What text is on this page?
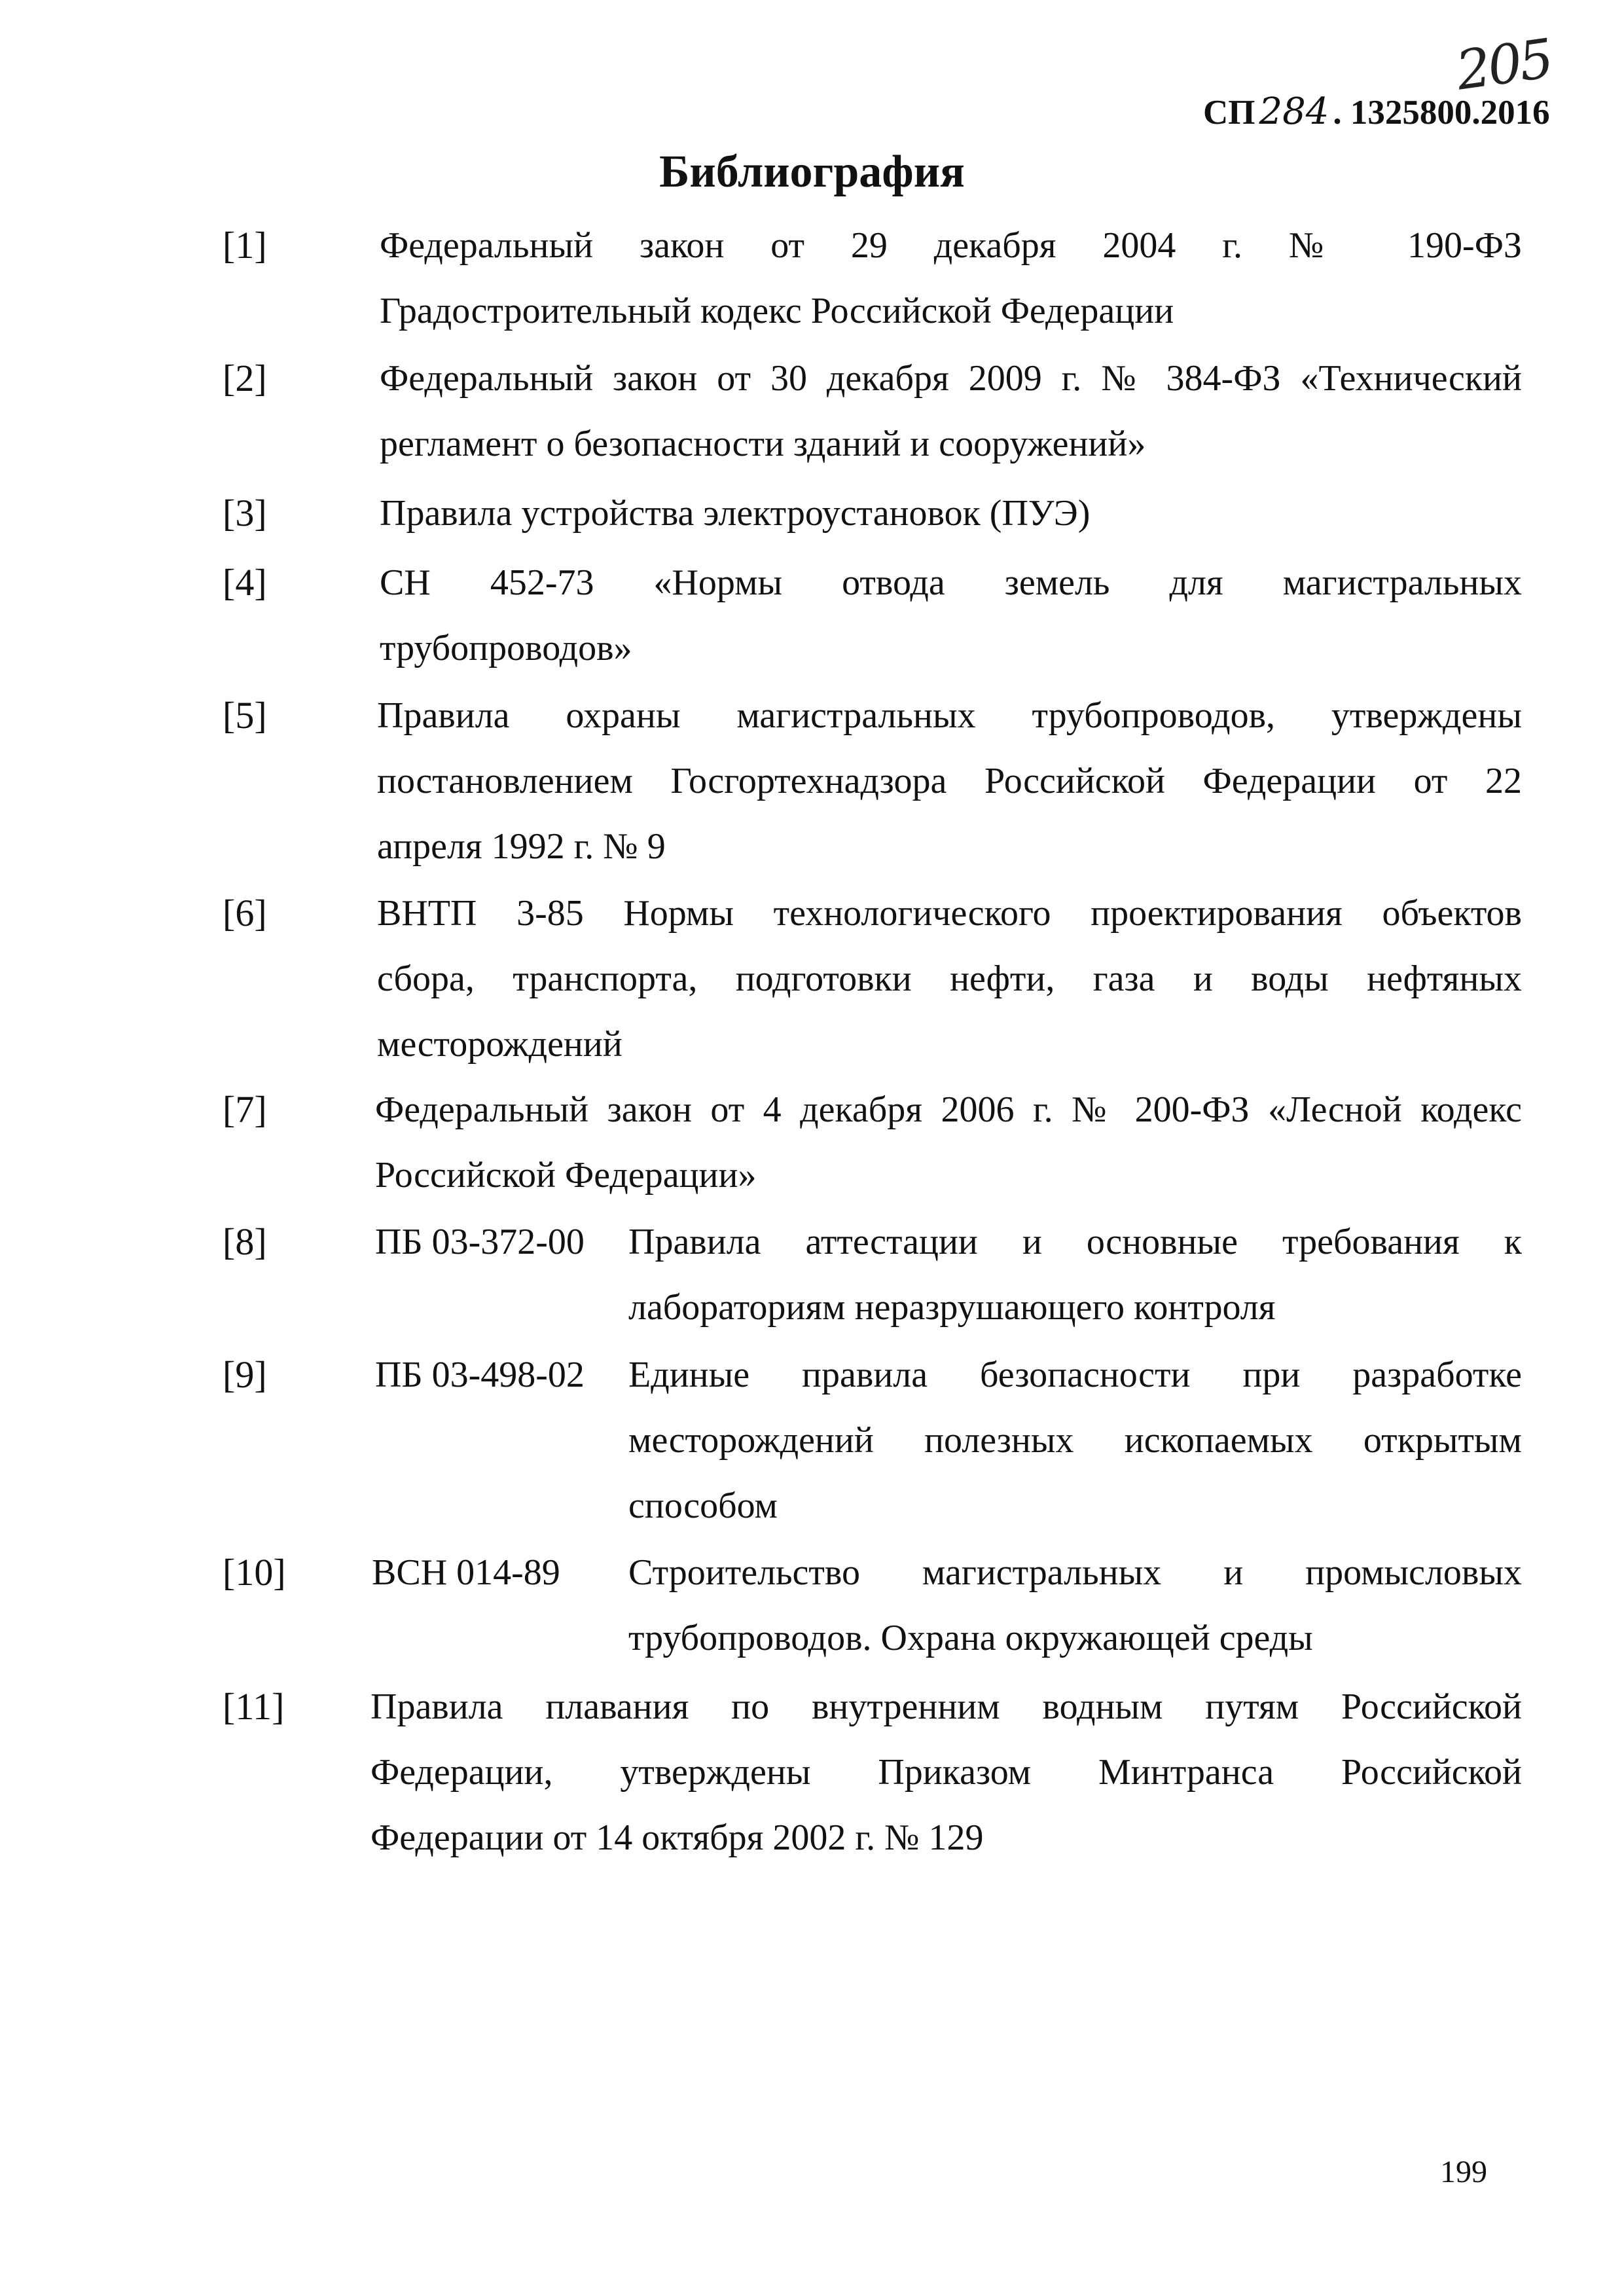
205
СП 284 . 1325800.2016
Библиография
[1]	Федеральный закон от 29 декабря 2004 г. № 190-ФЗ
Градостроительный кодекс Российской Федерации
[2]	Федеральный закон от 30 декабря 2009 г. № 384-ФЗ «Технический
регламент о безопасности зданий и сооружений»
[3]	Правила устройства электроустановок (ПУЭ)
[4]	СН 452-73 «Нормы отвода земель для магистральных
трубопроводов»
[5]	Правила охраны магистральных трубопроводов, утверждены
постановлением Госгортехнадзора Российской Федерации от 22
апреля 1992 г. № 9
[6]	ВНТП 3-85 Нормы технологического проектирования объектов
сбора, транспорта, подготовки нефти, газа и воды нефтяных
месторождений
[7]	Федеральный закон от 4 декабря 2006 г. № 200-ФЗ «Лесной кодекс
Российской Федерации»
[8]	ПБ 03-372-00 Правила аттестации и основные требования к
лабораториям неразрушающего контроля
[9]	ПБ 03-498-02 Единые правила безопасности при разработке
месторождений полезных ископаемых открытым
способом
[10] ВСН 014-89 Строительство магистральных и промысловых
трубопроводов. Охрана окружающей среды
[11] Правила плавания по внутренним водным путям Российской
Федерации, утверждены Приказом Минтранса Российской
Федерации от 14 октября 2002 г. № 129
199
